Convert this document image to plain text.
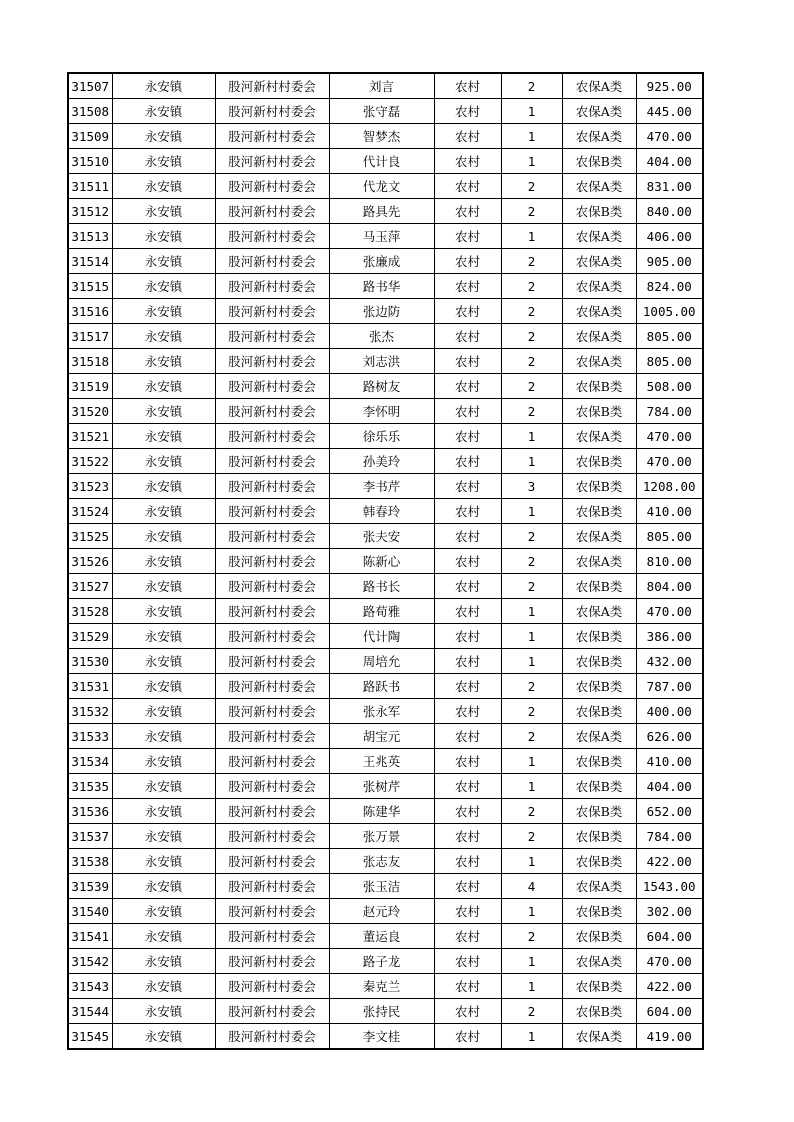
31507	永安镇	股河新村村委会	刘言	农村	2	农保A类	925.00
31508	永安镇	股河新村村委会	张守磊	农村	1	农保A类	445.00
31509	永安镇	股河新村村委会	智梦杰	农村	1	农保A类	470.00
31510	永安镇	股河新村村委会	代计良	农村	1	农保B类	404.00
31511	永安镇	股河新村村委会	代龙文	农村	2	农保A类	831.00
31512	永安镇	股河新村村委会	路具先	农村	2	农保B类	840.00
31513	永安镇	股河新村村委会	马玉萍	农村	1	农保A类	406.00
31514	永安镇	股河新村村委会	张廉成	农村	2	农保A类	905.00
31515	永安镇	股河新村村委会	路书华	农村	2	农保A类	824.00
31516	永安镇	股河新村村委会	张边防	农村	2	农保A类	1005.00
31517	永安镇	股河新村村委会	张杰	农村	2	农保A类	805.00
31518	永安镇	股河新村村委会	刘志洪	农村	2	农保A类	805.00
31519	永安镇	股河新村村委会	路树友	农村	2	农保B类	508.00
31520	永安镇	股河新村村委会	李怀明	农村	2	农保B类	784.00
31521	永安镇	股河新村村委会	徐乐乐	农村	1	农保A类	470.00
31522	永安镇	股河新村村委会	孙美玲	农村	1	农保B类	470.00
31523	永安镇	股河新村村委会	李书芹	农村	3	农保B类	1208.00
31524	永安镇	股河新村村委会	韩春玲	农村	1	农保B类	410.00
31525	永安镇	股河新村村委会	张夫安	农村	2	农保A类	805.00
31526	永安镇	股河新村村委会	陈新心	农村	2	农保A类	810.00
31527	永安镇	股河新村村委会	路书长	农村	2	农保B类	804.00
31528	永安镇	股河新村村委会	路荀雅	农村	1	农保A类	470.00
31529	永安镇	股河新村村委会	代计陶	农村	1	农保B类	386.00
31530	永安镇	股河新村村委会	周培允	农村	1	农保B类	432.00
31531	永安镇	股河新村村委会	路跃书	农村	2	农保B类	787.00
31532	永安镇	股河新村村委会	张永军	农村	2	农保B类	400.00
31533	永安镇	股河新村村委会	胡宝元	农村	2	农保A类	626.00
31534	永安镇	股河新村村委会	王兆英	农村	1	农保B类	410.00
31535	永安镇	股河新村村委会	张树芹	农村	1	农保B类	404.00
31536	永安镇	股河新村村委会	陈建华	农村	2	农保B类	652.00
31537	永安镇	股河新村村委会	张万景	农村	2	农保B类	784.00
31538	永安镇	股河新村村委会	张志友	农村	1	农保B类	422.00
31539	永安镇	股河新村村委会	张玉洁	农村	4	农保A类	1543.00
31540	永安镇	股河新村村委会	赵元玲	农村	1	农保B类	302.00
31541	永安镇	股河新村村委会	董运良	农村	2	农保B类	604.00
31542	永安镇	股河新村村委会	路子龙	农村	1	农保A类	470.00
31543	永安镇	股河新村村委会	秦克兰	农村	1	农保B类	422.00
31544	永安镇	股河新村村委会	张持民	农村	2	农保B类	604.00
31545	永安镇	股河新村村委会	李文桂	农村	1	农保A类	419.00
